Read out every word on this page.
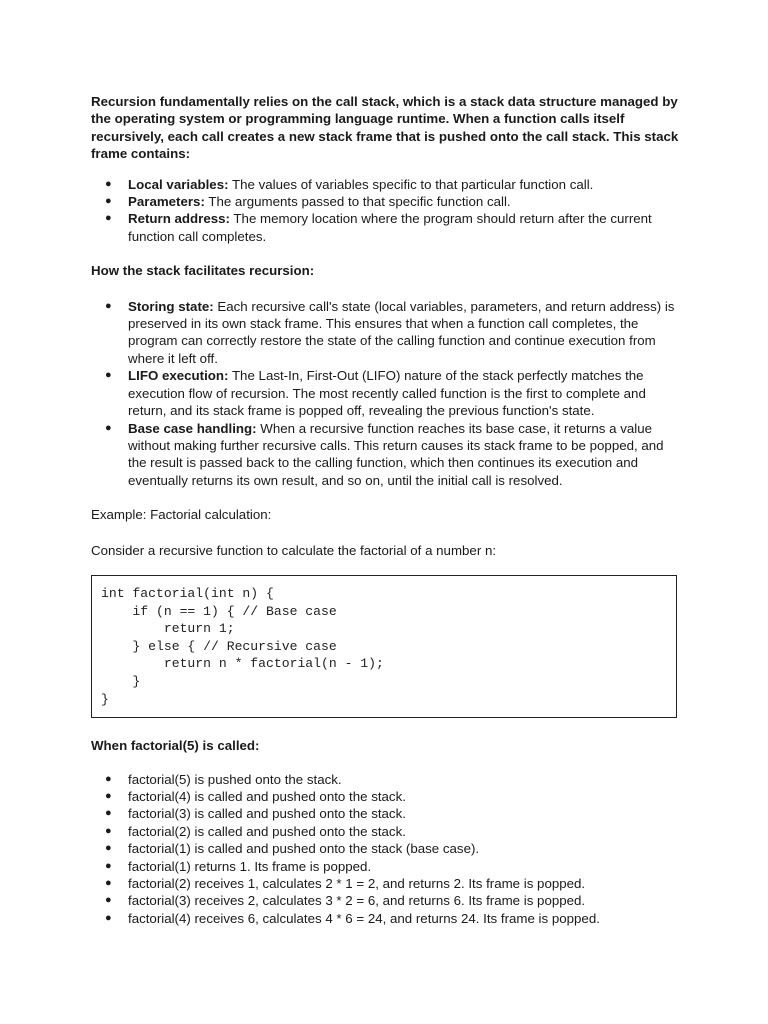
Recursion fundamentally relies on the call stack, which is a stack data structure managed by the operating system or programming language runtime. When a function calls itself recursively, each call creates a new stack frame that is pushed onto the call stack. This stack frame contains:

● Local variables: The values of variables specific to that particular function call.
● Parameters: The arguments passed to that specific function call.
● Return address: The memory location where the program should return after the current function call completes.

How the stack facilitates recursion:

● Storing state: Each recursive call's state (local variables, parameters, and return address) is preserved in its own stack frame. This ensures that when a function call completes, the program can correctly restore the state of the calling function and continue execution from where it left off.
● LIFO execution: The Last-In, First-Out (LIFO) nature of the stack perfectly matches the execution flow of recursion. The most recently called function is the first to complete and return, and its stack frame is popped off, revealing the previous function's state.
● Base case handling: When a recursive function reaches its base case, it returns a value without making further recursive calls. This return causes its stack frame to be popped, and the result is passed back to the calling function, which then continues its execution and eventually returns its own result, and so on, until the initial call is resolved.

Example: Factorial calculation:

Consider a recursive function to calculate the factorial of a number n:

int factorial(int n) {
if (n == 1) { // Base case
return 1;
} else { // Recursive case
return n * factorial(n - 1);
}
}

When factorial(5) is called:

● factorial(5) is pushed onto the stack.
● factorial(4) is called and pushed onto the stack.
● factorial(3) is called and pushed onto the stack.
● factorial(2) is called and pushed onto the stack.
● factorial(1) is called and pushed onto the stack (base case).
● factorial(1) returns 1. Its frame is popped.
● factorial(2) receives 1, calculates 2 * 1 = 2, and returns 2. Its frame is popped.
● factorial(3) receives 2, calculates 3 * 2 = 6, and returns 6. Its frame is popped.
● factorial(4) receives 6, calculates 4 * 6 = 24, and returns 24. Its frame is popped.
